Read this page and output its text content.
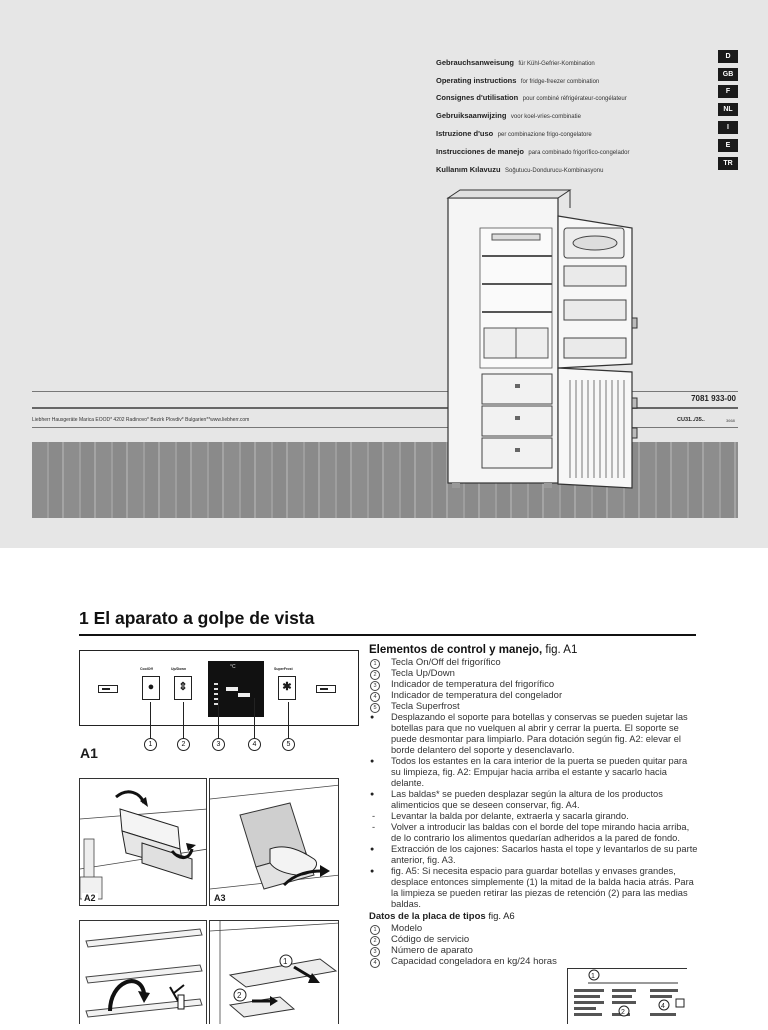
Gebrauchsanweisung für Kühl-Gefrier-Kombination
D
Operating instructions for fridge-freezer combination
GB
Consignes d'utilisation pour combiné réfrigérateur-congélateur
F
Gebruiksaanwijzing voor koel-vries-combinatie
NL
Istruzione d'uso per combinazione frigo-congelatore
I
Instrucciones de manejo para combinado frigorífico-congelador
E
Kullanım Kılavuzu Soğutucu-Dondurucu-Kombinasyonu
TR
7081 933-00
Liebherr Hausgeräte Marica EOOD* 4202 Radinovo* Bezirk Plovdiv* Bulgarien**www.liebherr.com	CU31../35..	3668
1 El aparato a golpe de vista
CoolOff
●
Up/Down
⇕
°C	SuperFrost
✱
1	2	3	4	5
A1
A2	A3
1
2

Elementos de control y manejo, fig. A1

1	Tecla On/Off del frigorífico

2	Tecla Up/Down

3	Indicador de temperatura del frigorífico

4	Indicador de temperatura del congelador

5	Tecla Superfrost

● Desplazando el soporte para botellas y conservas se pueden sujetar las botellas para que no vuelquen al abrir y cerrar la puerta. El soporte se puede desmontar para limpiarlo. Para dotación según fig. A2: elevar el borde delantero del soporte y desenclavarlo.

● Todos los estantes en la cara interior de la puerta se pueden quitar para su limpieza, fig. A2: Empujar hacia arriba el estante y sacarlo hacia delante.

● Las baldas* se pueden desplazar según la altura de los productos alimenticios que se deseen conservar, fig. A4.

- Levantar la balda por delante, extraerla y sacarla girando.

- Volver a introducir las baldas con el borde del tope mirando hacia arriba, de lo contrario los alimentos quedarían adheridos a la pared de fondo.

● Extracción de los cajones: Sacarlos hasta el tope y levantarlos de su parte anterior, fig. A3.

● fig. A5: Si necesita espacio para guardar botellas y envases grandes, desplace entonces simplemente (1) la mitad de la balda hacia atrás. Para la limpieza se pueden retirar las piezas de retención (2) para las medias baldas.

Datos de la placa de tipos fig. A6

1	Modelo

2	Código de servicio

3	Número de aparato

4	Capacidad congeladora en kg/24 horas

1
2
4
